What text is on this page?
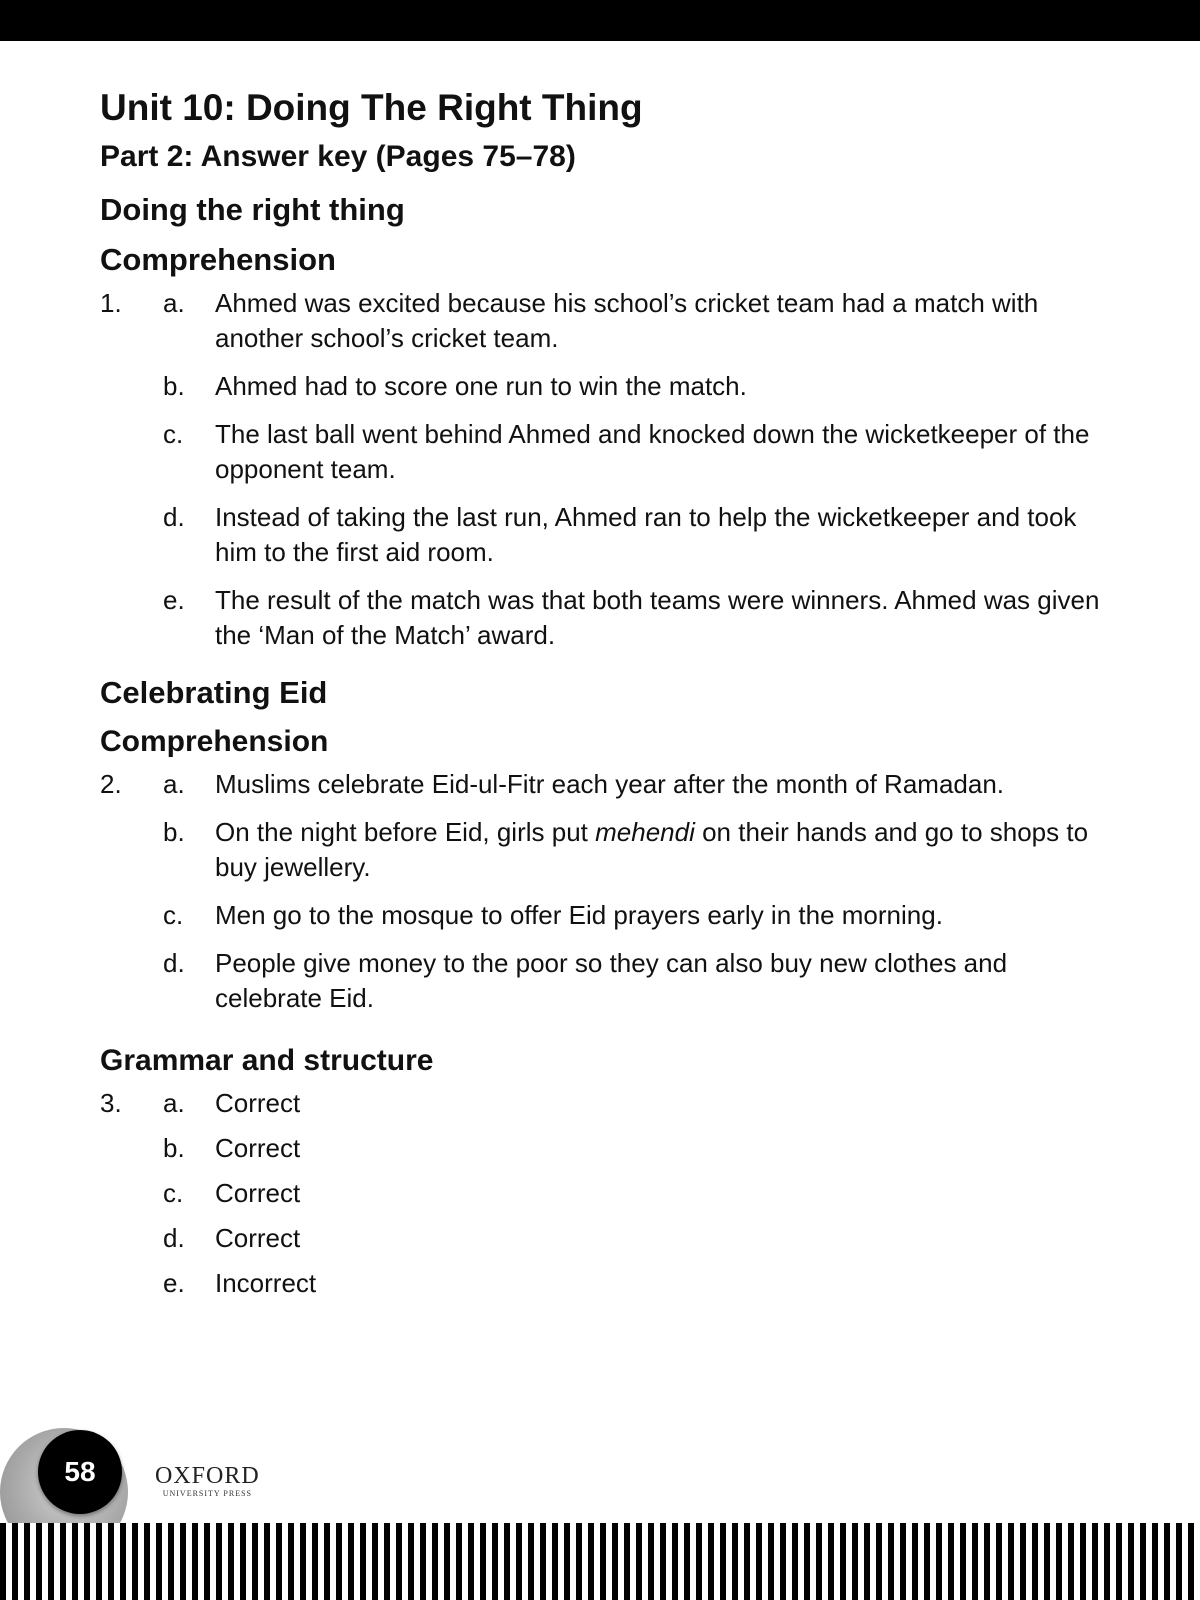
Unit 10: Doing The Right Thing
Part 2: Answer key (Pages 75–78)
Doing the right thing
Comprehension
1. a. Ahmed was excited because his school’s cricket team had a match with another school’s cricket team.
b. Ahmed had to score one run to win the match.
c. The last ball went behind Ahmed and knocked down the wicketkeeper of the opponent team.
d. Instead of taking the last run, Ahmed ran to help the wicketkeeper and took him to the first aid room.
e. The result of the match was that both teams were winners. Ahmed was given the ‘Man of the Match’ award.
Celebrating Eid
Comprehension
2. a. Muslims celebrate Eid-ul-Fitr each year after the month of Ramadan.
b. On the night before Eid, girls put mehendi on their hands and go to shops to buy jewellery.
c. Men go to the mosque to offer Eid prayers early in the morning.
d. People give money to the poor so they can also buy new clothes and celebrate Eid.
Grammar and structure
3. a. Correct
b. Correct
c. Correct
d. Correct
e. Incorrect
58 OXFORD
UNIVERSITY PRESS
